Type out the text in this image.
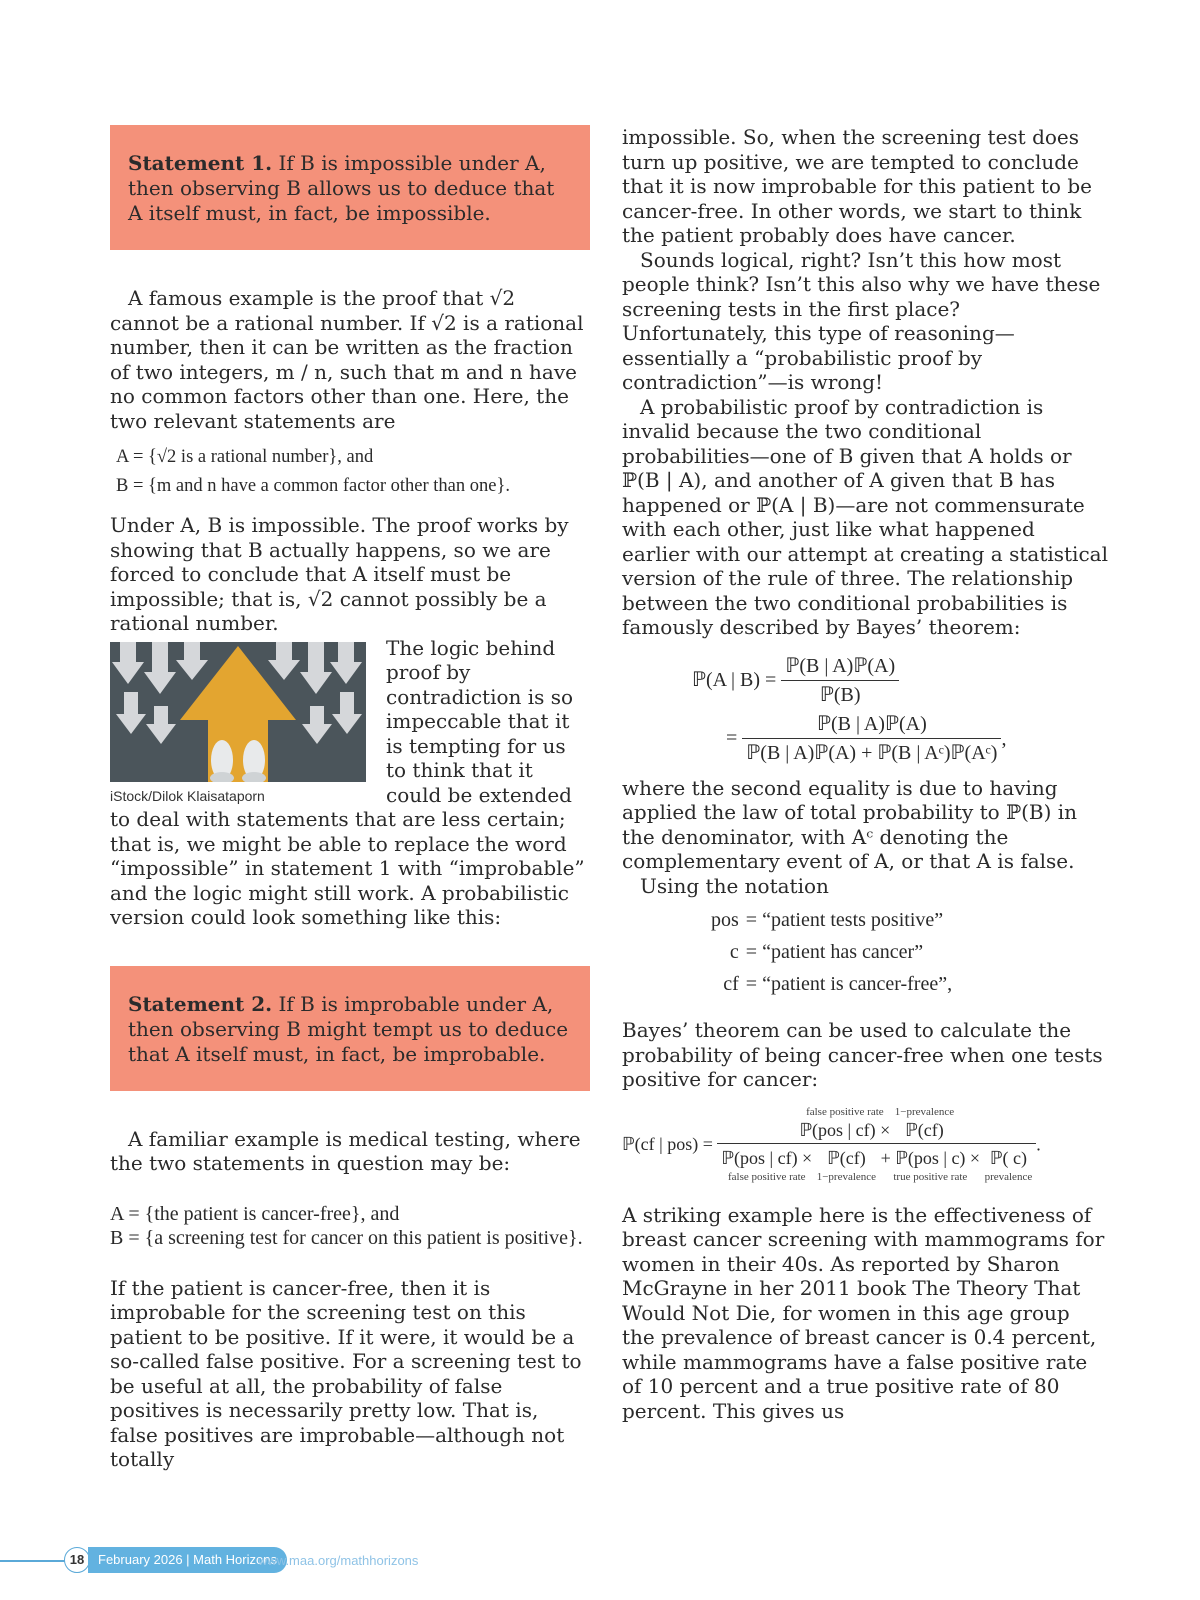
Statement 1. If B is impossible under A, then observing B allows us to deduce that A itself must, in fact, be impossible.

A famous example is the proof that √2 cannot be a rational number. If √2 is a rational number, then it can be written as the fraction of two integers, m / n, such that m and n have no common factors other than one. Here, the two relevant statements are

A = {√2 is a rational number}, and
B = {m and n have a common factor other than one}.

Under A, B is impossible. The proof works by showing that B actually happens, so we are forced to conclude that A itself must be impossible; that is, √2 cannot possibly be a rational number.

iStock/Dilok Klaisataporn

The logic behind proof by contradiction is so impeccable that it is tempting for us to think that it could be extended to deal with statements that are less certain; that is, we might be able to replace the word “impossible” in statement 1 with “improbable” and the logic might still work. A probabilistic version could look something like this:

Statement 2. If B is improbable under A, then observing B might tempt us to deduce that A itself must, in fact, be improbable.

A familiar example is medical testing, where the two statements in question may be:

A = {the patient is cancer-free}, and
B = {a screening test for cancer on this patient is positive}.

If the patient is cancer-free, then it is improbable for the screening test on this patient to be positive. If it were, it would be a so-called false positive. For a screening test to be useful at all, the probability of false positives is necessarily pretty low. That is, false positives are improbable—although not totally

impossible. So, when the screening test does turn up positive, we are tempted to conclude that it is now improbable for this patient to be cancer-free. In other words, we start to think the patient probably does have cancer.

Sounds logical, right? Isn’t this how most people think? Isn’t this also why we have these screening tests in the first place? Unfortunately, this type of reasoning—essentially a “probabilistic proof by contradiction”—is wrong!

A probabilistic proof by contradiction is invalid because the two conditional probabilities—one of B given that A holds or ℙ(B | A), and another of A given that B has happened or ℙ(A | B)—are not commensurate with each other, just like what happened earlier with our attempt at creating a statistical version of the rule of three. The relationship between the two conditional probabilities is famously described by Bayes’ theorem:

ℙ(A | $B) = \frac{\text{ℙ(B | A)ℙ(A)}}{\text{ℙ(B)}}$
= $\frac{\text{ℙ(B | A)ℙ(A)}}{\text{ℙ(B | A)ℙ(A) + ℙ(B | Aᶜ)ℙ(Aᶜ)}}$ ,

where the second equality is due to having applied the law of total probability to ℙ(B) in the denominator, with Aᶜ denoting the complementary event of A, or that A is false.

Using the notation

pos	= “patient tests positive”
c	= “patient has cancer”
cf	= “patient is cancer-free”,

Bayes’ theorem can be used to calculate the probability of being cancer-free when one tests positive for cancer:

ℙ(cf | pos) =
false positive rate
ℙ(pos | cf) ×
1−prevalence
ℙ(cf)
ℙ(pos | cf) ×
false positive rate
ℙ(cf)
1−prevalence
+ ℙ(pos | c) ×
true positive rate
ℙ( c)
prevalence
.

A striking example here is the effectiveness of breast cancer screening with mammograms for women in their 40s. As reported by Sharon McGrayne in her 2011 book The Theory That Would Not Die, for women in this age group the prevalence of breast cancer is 0.4 percent, while mammograms have a false positive rate of 10 percent and a true positive rate of 80 percent. This gives us

18	February 2026 | Math Horizons
www.maa.org/mathhorizons
